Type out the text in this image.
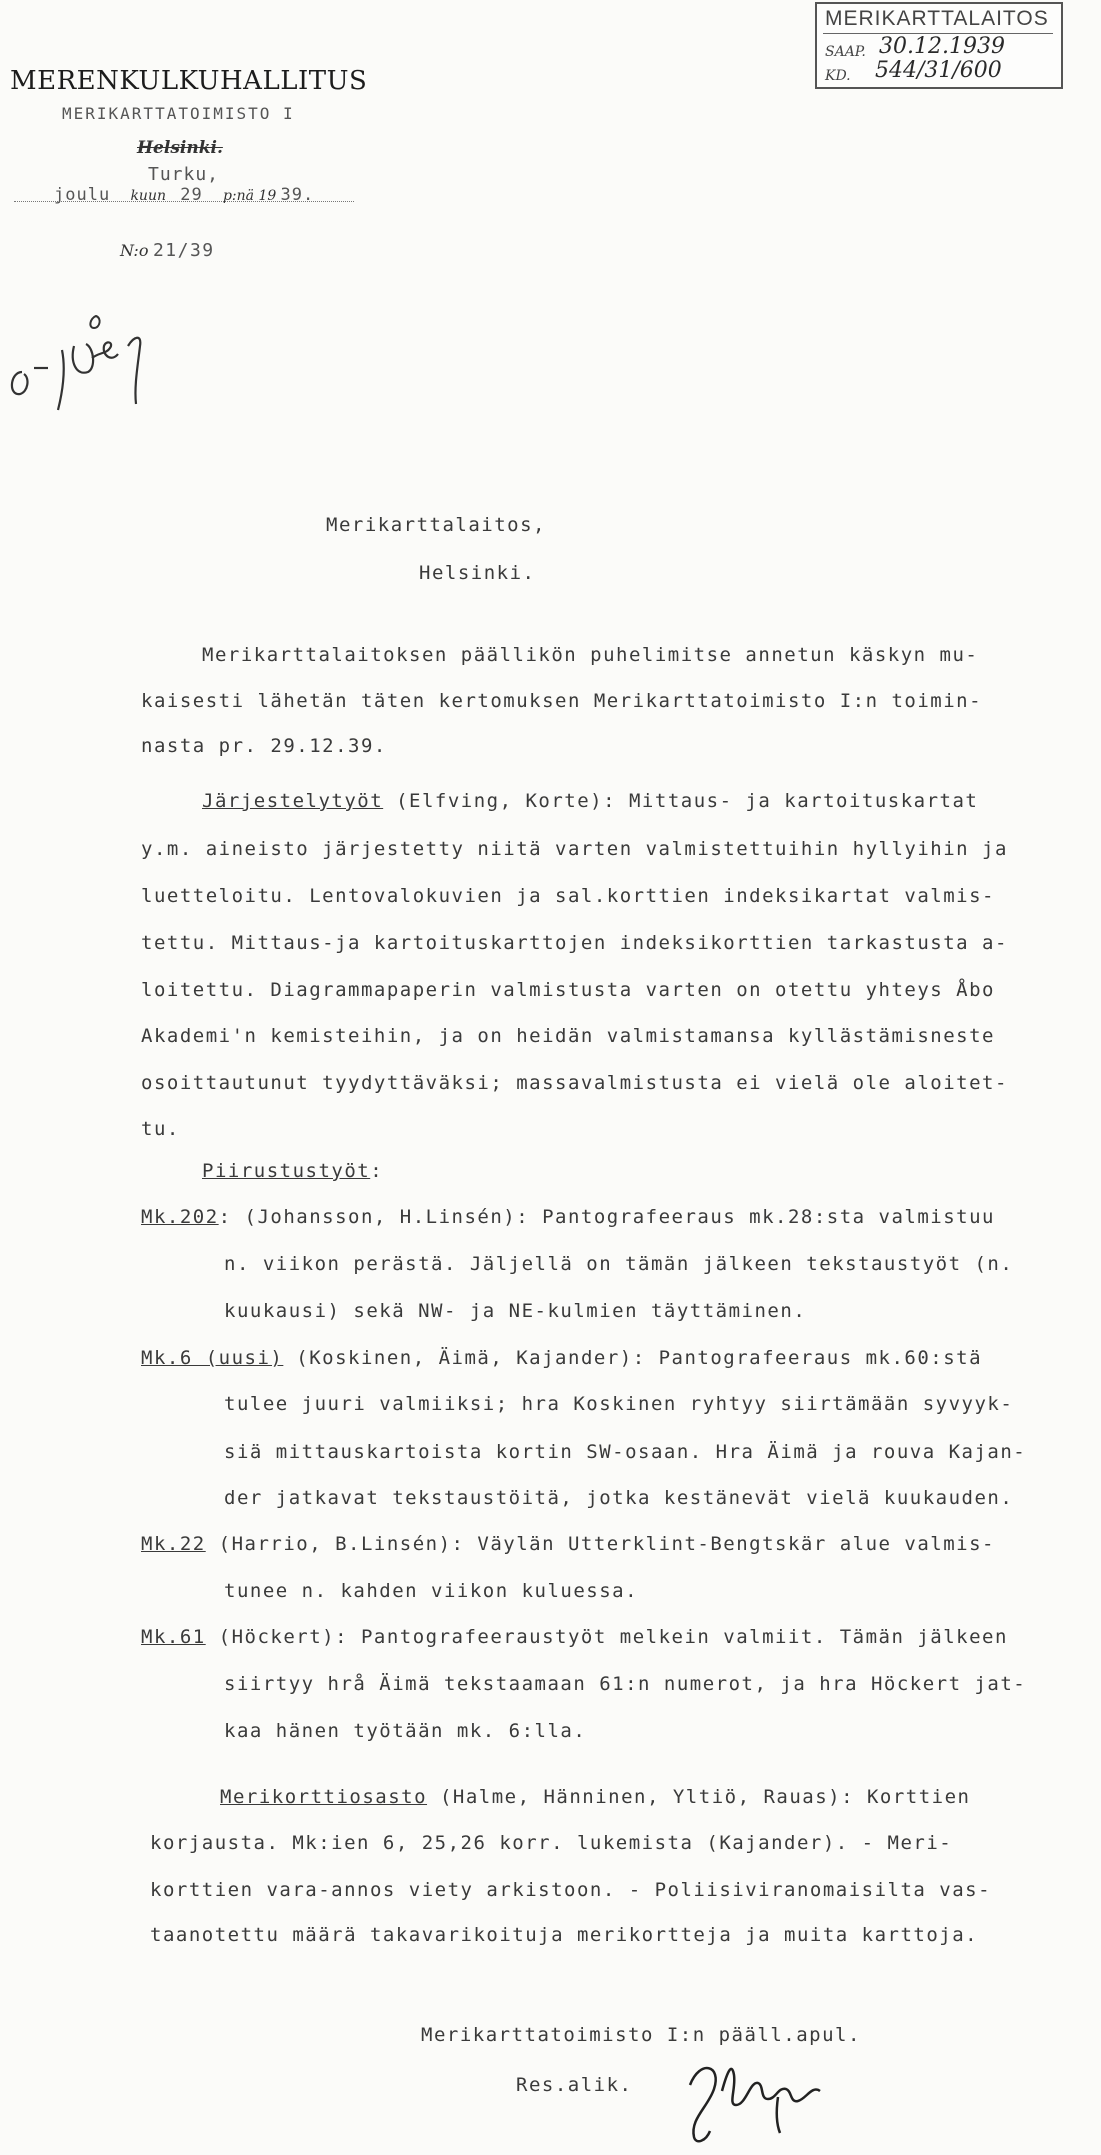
MERENKULKUHALLITUS
MERIKARTTATOIMISTO I
Helsinki.
Turku,
joulu kuun 29 p:nä 19 39.
N:o 21/39
MERIKARTTALAITOS
SAAP. 30.12.1939
KD. 544/31/600
Merikarttalaitos,
Helsinki.
Merikarttalaitoksen päällikön puhelimitse annetun käskyn mu-
kaisesti lähetän täten kertomuksen Merikarttatoimisto I:n toimin-
nasta pr. 29.12.39.
Järjestelytyöt (Elfving, Korte): Mittaus- ja kartoituskartat
y.m. aineisto järjestetty niitä varten valmistettuihin hyllyihin ja
luetteloitu. Lentovalokuvien ja sal.korttien indeksikartat valmis-
tettu. Mittaus-ja kartoituskarttojen indeksikorttien tarkastusta a-
loitettu. Diagrammapaperin valmistusta varten on otettu yhteys Åbo
Akademi'n kemisteihin, ja on heidän valmistamansa kyllästämisneste
osoittautunut tyydyttäväksi; massavalmistusta ei vielä ole aloitet-
tu.
Piirustustyöt:
Mk.202: (Johansson, H.Linsén): Pantografeeraus mk.28:sta valmistuu
n. viikon perästä. Jäljellä on tämän jälkeen tekstaustyöt (n.
kuukausi) sekä NW- ja NE-kulmien täyttäminen.
Mk.6 (uusi) (Koskinen, Äimä, Kajander): Pantografeeraus mk.60:stä
tulee juuri valmiiksi; hra Koskinen ryhtyy siirtämään syvyyk-
siä mittauskartoista kortin SW-osaan. Hra Äimä ja rouva Kajan-
der jatkavat tekstaustöitä, jotka kestänevät vielä kuukauden.
Mk.22 (Harrio, B.Linsén): Väylän Utterklint-Bengtskär alue valmis-
tunee n. kahden viikon kuluessa.
Mk.61 (Höckert): Pantografeeraustyöt melkein valmiit. Tämän jälkeen
siirtyy hrå Äimä tekstaamaan 61:n numerot, ja hra Höckert jat-
kaa hänen työtään mk. 6:lla.
Merikorttiosasto (Halme, Hänninen, Yltiö, Rauas): Korttien
korjausta. Mk:ien 6, 25,26 korr. lukemista (Kajander). - Meri-
korttien vara-annos viety arkistoon. - Poliisiviranomaisilta vas-
taanotettu määrä takavarikoituja merikortteja ja muita karttoja.
Merikarttatoimisto I:n pääll.apul.
Res.alik.
